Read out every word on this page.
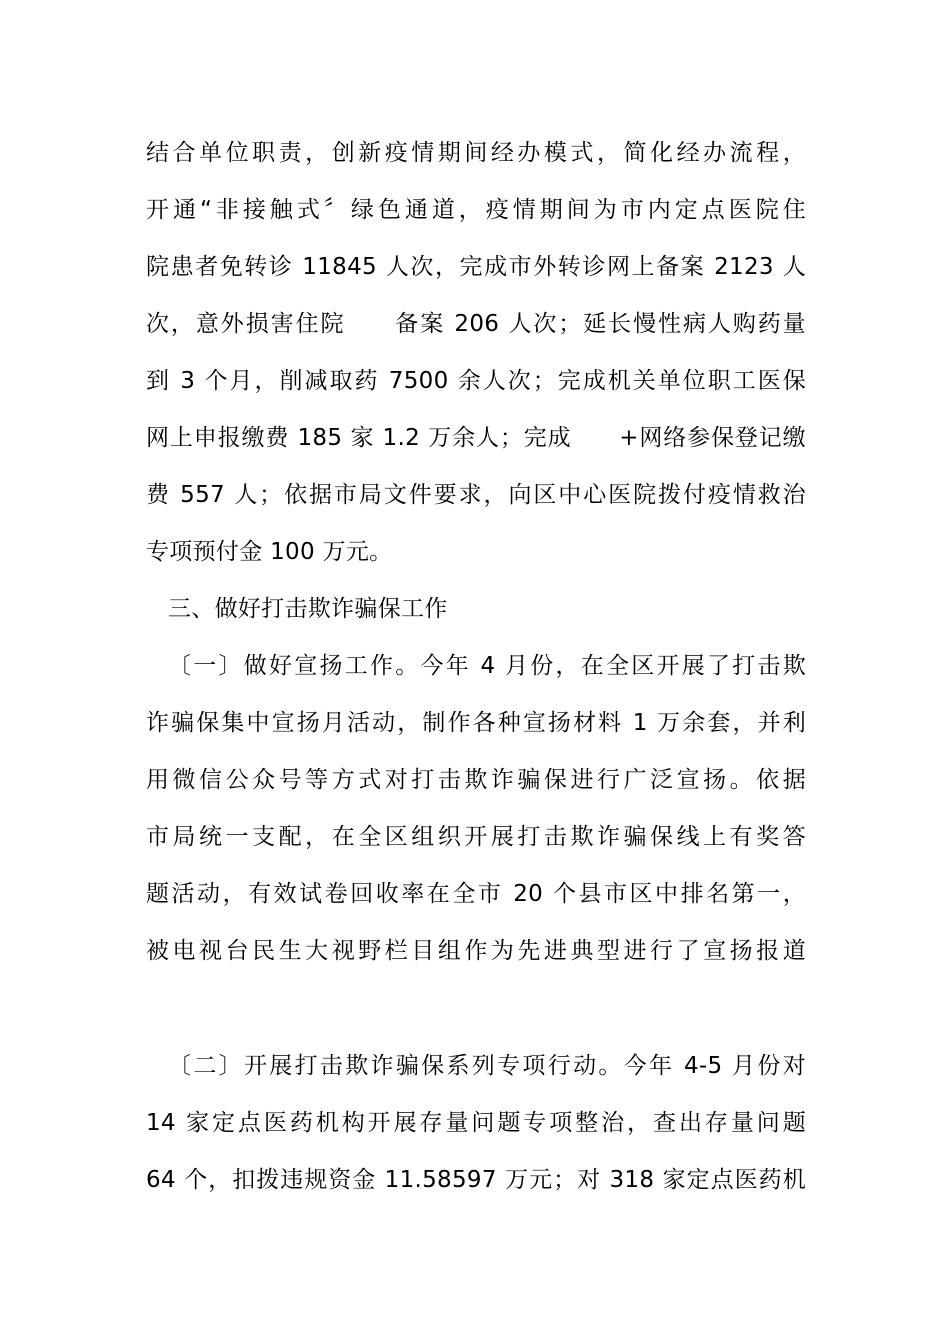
结合单位职责，创新疫情期间经办模式，简化经办流程，
开通“非接触式〞绿色通道，疫情期间为市内定点医院住
院患者免转诊 11845 人次，完成市外转诊网上备案 2123 人
次，意外损害住院　　备案 206 人次；延长慢性病人购药量
到 3 个月，削减取药 7500 余人次；完成机关单位职工医保
网上申报缴费 185 家 1.2 万余人；完成　　+网络参保登记缴
费 557 人；依据市局文件要求，向区中心医院拨付疫情救治
专项预付金 100 万元。
三、做好打击欺诈骗保工作
〔一〕做好宣扬工作。今年 4 月份，在全区开展了打击欺
诈骗保集中宣扬月活动，制作各种宣扬材料 1 万余套，并利
用微信公众号等方式对打击欺诈骗保进行广泛宣扬。依据
市局统一支配，在全区组织开展打击欺诈骗保线上有奖答
题活动，有效试卷回收率在全市 20 个县市区中排名第一，
被电视台民生大视野栏目组作为先进典型进行了宣扬报道
〔二〕开展打击欺诈骗保系列专项行动。今年 4-5 月份对
14 家定点医药机构开展存量问题专项整治，查出存量问题
64 个，扣拨违规资金 11.58597 万元；对 318 家定点医药机
